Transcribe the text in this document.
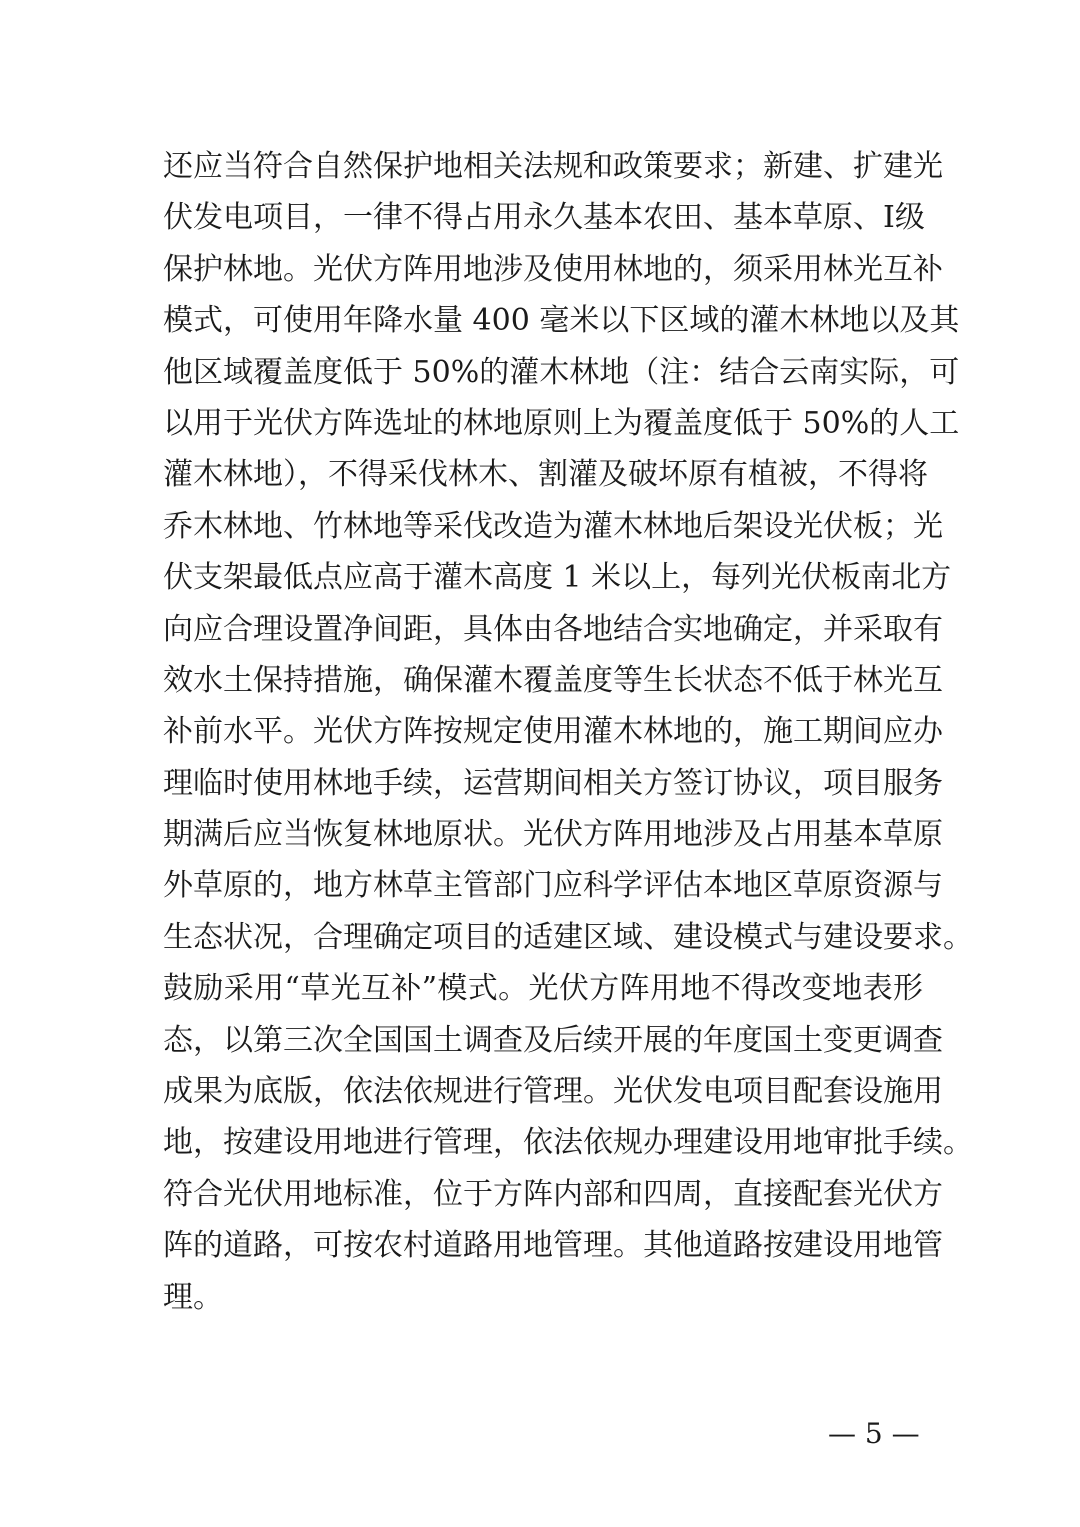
还应当符合自然保护地相关法规和政策要求；新建、扩建光
伏发电项目，一律不得占用永久基本农田、基本草原、Ⅰ级
保护林地。光伏方阵用地涉及使用林地的，须采用林光互补
模式，可使用年降水量 400 毫米以下区域的灌木林地以及其
他区域覆盖度低于 50%的灌木林地（注：结合云南实际，可
以用于光伏方阵选址的林地原则上为覆盖度低于 50%的人工
灌木林地），不得采伐林木、割灌及破坏原有植被，不得将
乔木林地、竹林地等采伐改造为灌木林地后架设光伏板；光
伏支架最低点应高于灌木高度 1 米以上，每列光伏板南北方
向应合理设置净间距，具体由各地结合实地确定，并采取有
效水土保持措施，确保灌木覆盖度等生长状态不低于林光互
补前水平。光伏方阵按规定使用灌木林地的，施工期间应办
理临时使用林地手续，运营期间相关方签订协议，项目服务
期满后应当恢复林地原状。光伏方阵用地涉及占用基本草原
外草原的，地方林草主管部门应科学评估本地区草原资源与
生态状况，合理确定项目的适建区域、建设模式与建设要求。
鼓励采用“草光互补”模式。光伏方阵用地不得改变地表形
态，以第三次全国国土调查及后续开展的年度国土变更调查
成果为底版，依法依规进行管理。光伏发电项目配套设施用
地，按建设用地进行管理，依法依规办理建设用地审批手续。
符合光伏用地标准，位于方阵内部和四周，直接配套光伏方
阵的道路，可按农村道路用地管理。其他道路按建设用地管
理。
— 5 —
